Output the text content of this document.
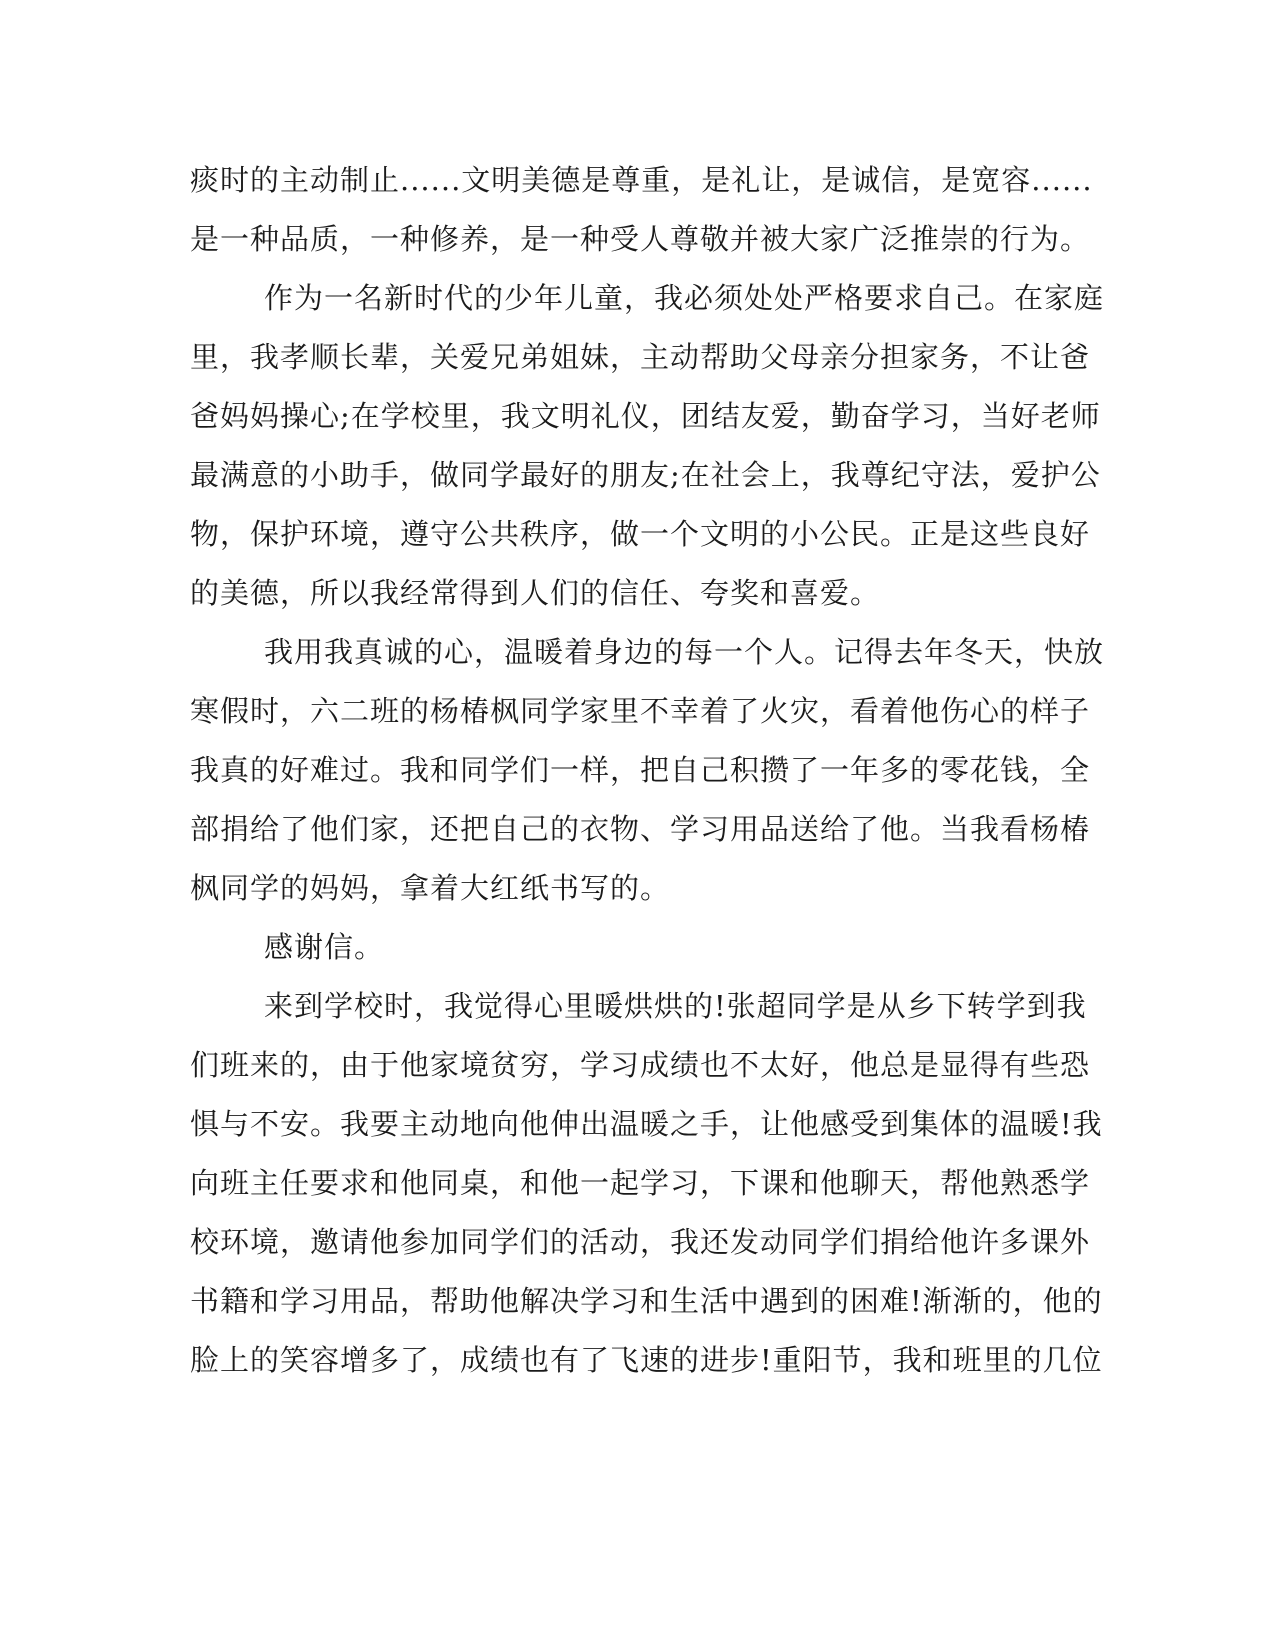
痰时的主动制止......文明美德是尊重，是礼让，是诚信，是宽容......
是一种品质，一种修养，是一种受人尊敬并被大家广泛推崇的行为。
作为一名新时代的少年儿童，我必须处处严格要求自己。在家庭
里，我孝顺长辈，关爱兄弟姐妹，主动帮助父母亲分担家务，不让爸
爸妈妈操心;在学校里，我文明礼仪，团结友爱，勤奋学习，当好老师
最满意的小助手，做同学最好的朋友;在社会上，我尊纪守法，爱护公
物，保护环境，遵守公共秩序，做一个文明的小公民。正是这些良好
的美德，所以我经常得到人们的信任、夸奖和喜爱。
我用我真诚的心，温暖着身边的每一个人。记得去年冬天，快放
寒假时，六二班的杨椿枫同学家里不幸着了火灾，看着他伤心的样子
我真的好难过。我和同学们一样，把自己积攒了一年多的零花钱，全
部捐给了他们家，还把自己的衣物、学习用品送给了他。当我看杨椿
枫同学的妈妈，拿着大红纸书写的。
感谢信。
来到学校时，我觉得心里暖烘烘的!张超同学是从乡下转学到我
们班来的，由于他家境贫穷，学习成绩也不太好，他总是显得有些恐
惧与不安。我要主动地向他伸出温暖之手，让他感受到集体的温暖!我
向班主任要求和他同桌，和他一起学习，下课和他聊天，帮他熟悉学
校环境，邀请他参加同学们的活动，我还发动同学们捐给他许多课外
书籍和学习用品，帮助他解决学习和生活中遇到的困难!渐渐的，他的
脸上的笑容增多了，成绩也有了飞速的进步!重阳节，我和班里的几位
